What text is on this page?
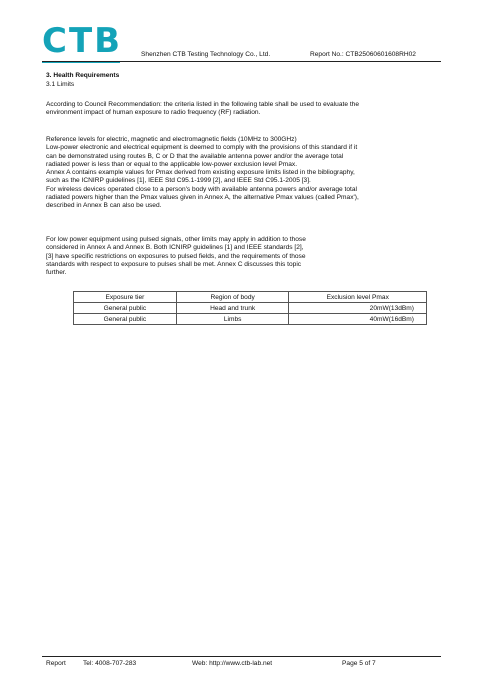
CTB	Shenzhen CTB Testing Technology Co., Ltd.	Report No.: CTB25060601608RH02
3. Health Requirements
3.1 Limits
According to Council Recommendation: the criteria listed in the following table shall be used to evaluate the
environment impact of human exposure to radio frequency (RF) radiation.
Reference levels for electric, magnetic and electromagnetic fields (10MHz to 300GHz)
Low-power electronic and electrical equipment is deemed to comply with the provisions of this standard if it
can be demonstrated using routes B, C or D that the available antenna power and/or the average total
radiated power is less than or equal to the applicable low-power exclusion level Pmax.
Annex A contains example values for Pmax derived from existing exposure limits listed in the bibliography,
such as the ICNIRP guidelines [1], IEEE Std C95.1-1999 [2], and IEEE Std C95.1-2005 [3].
For wireless devices operated close to a person's body with available antenna powers and/or average total
radiated powers higher than the Pmax values given in Annex A, the alternative Pmax values (called Pmax'),
described in Annex B can also be used.
For low power equipment using pulsed signals, other limits may apply in addition to those
considered in Annex A and Annex B. Both ICNIRP guidelines [1] and IEEE standards [2],
[3] have specific restrictions on exposures to pulsed fields, and the requirements of those
standards with respect to exposure to pulses shall be met. Annex C discusses this topic
further.
Exposure tier	Region of body	Exclusion level Pmax
General public	Head and trunk	20mW(13dBm)
General public	Limbs	40mW(16dBm)
Report	Tel: 4008-707-283	Web: http://www.ctb-lab.net	Page 5 of 7
